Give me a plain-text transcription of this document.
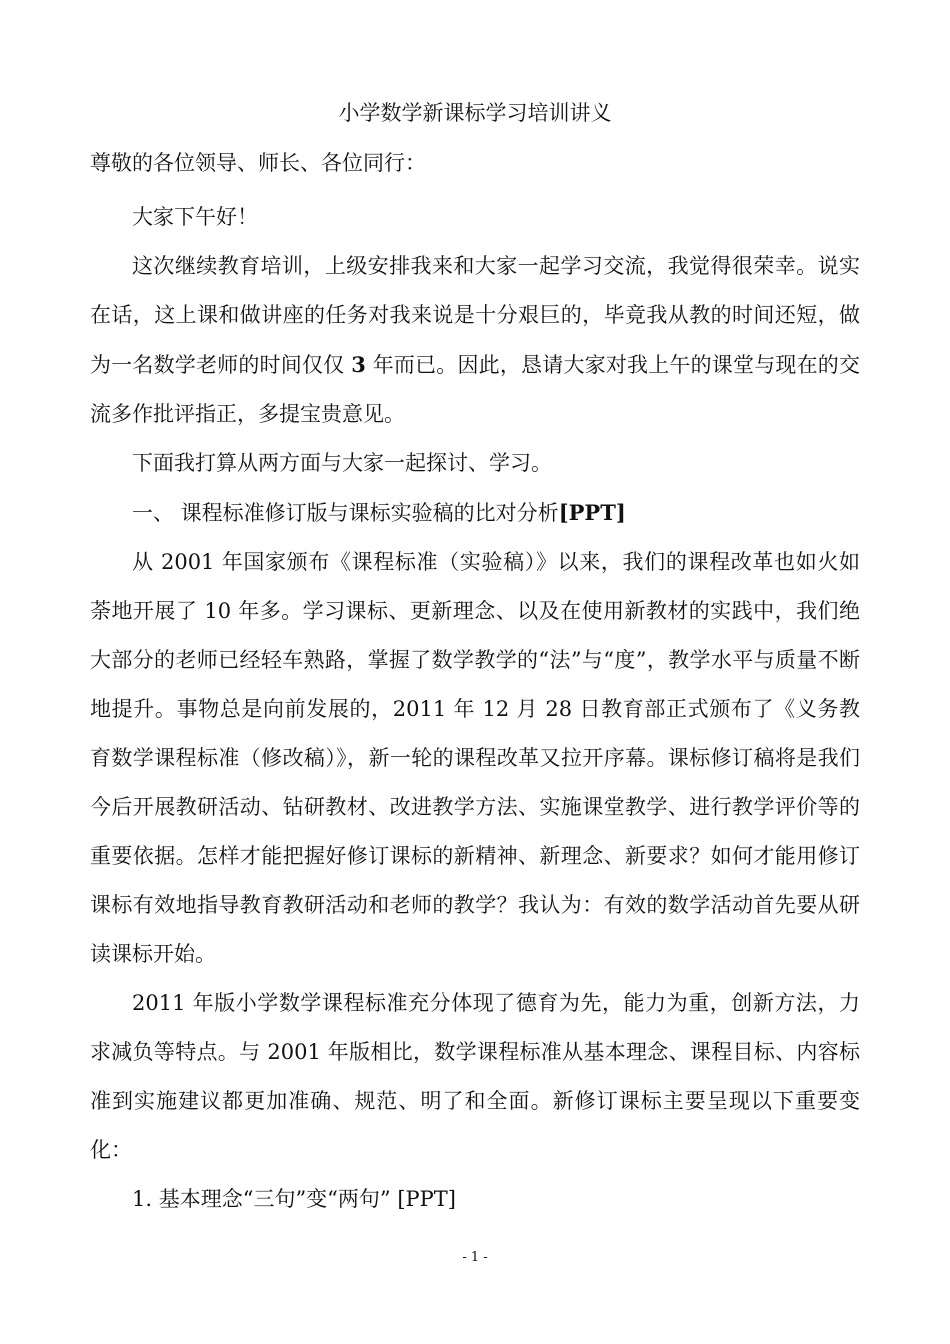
小学数学新课标学习培训讲义

尊敬的各位领导、师长、各位同行：

大家下午好！

这次继续教育培训，上级安排我来和大家一起学习交流，我觉得很荣幸。说实在话，这上课和做讲座的任务对我来说是十分艰巨的，毕竟我从教的时间还短，做为一名数学老师的时间仅仅 3 年而已。因此，恳请大家对我上午的课堂与现在的交流多作批评指正，多提宝贵意见。

下面我打算从两方面与大家一起探讨、学习。

一、 课程标准修订版与课标实验稿的比对分析[PPT]

从 2001 年国家颁布《课程标准（实验稿）》以来，我们的课程改革也如火如荼地开展了 10 年多。学习课标、更新理念、以及在使用新教材的实践中，我们绝大部分的老师已经轻车熟路，掌握了数学教学的“法”与“度”，教学水平与质量不断地提升。事物总是向前发展的，2011 年 12 月 28 日教育部正式颁布了《义务教育数学课程标准（修改稿）》，新一轮的课程改革又拉开序幕。课标修订稿将是我们今后开展教研活动、钻研教材、改进教学方法、实施课堂教学、进行教学评价等的重要依据。怎样才能把握好修订课标的新精神、新理念、新要求？如何才能用修订课标有效地指导教育教研活动和老师的教学？我认为：有效的数学活动首先要从研读课标开始。

2011 年版小学数学课程标准充分体现了德育为先，能力为重，创新方法，力求减负等特点。与 2001 年版相比，数学课程标准从基本理念、课程目标、内容标准到实施建议都更加准确、规范、明了和全面。新修订课标主要呈现以下重要变化：

1. 基本理念“三句”变“两句” [PPT]

- 1 -
